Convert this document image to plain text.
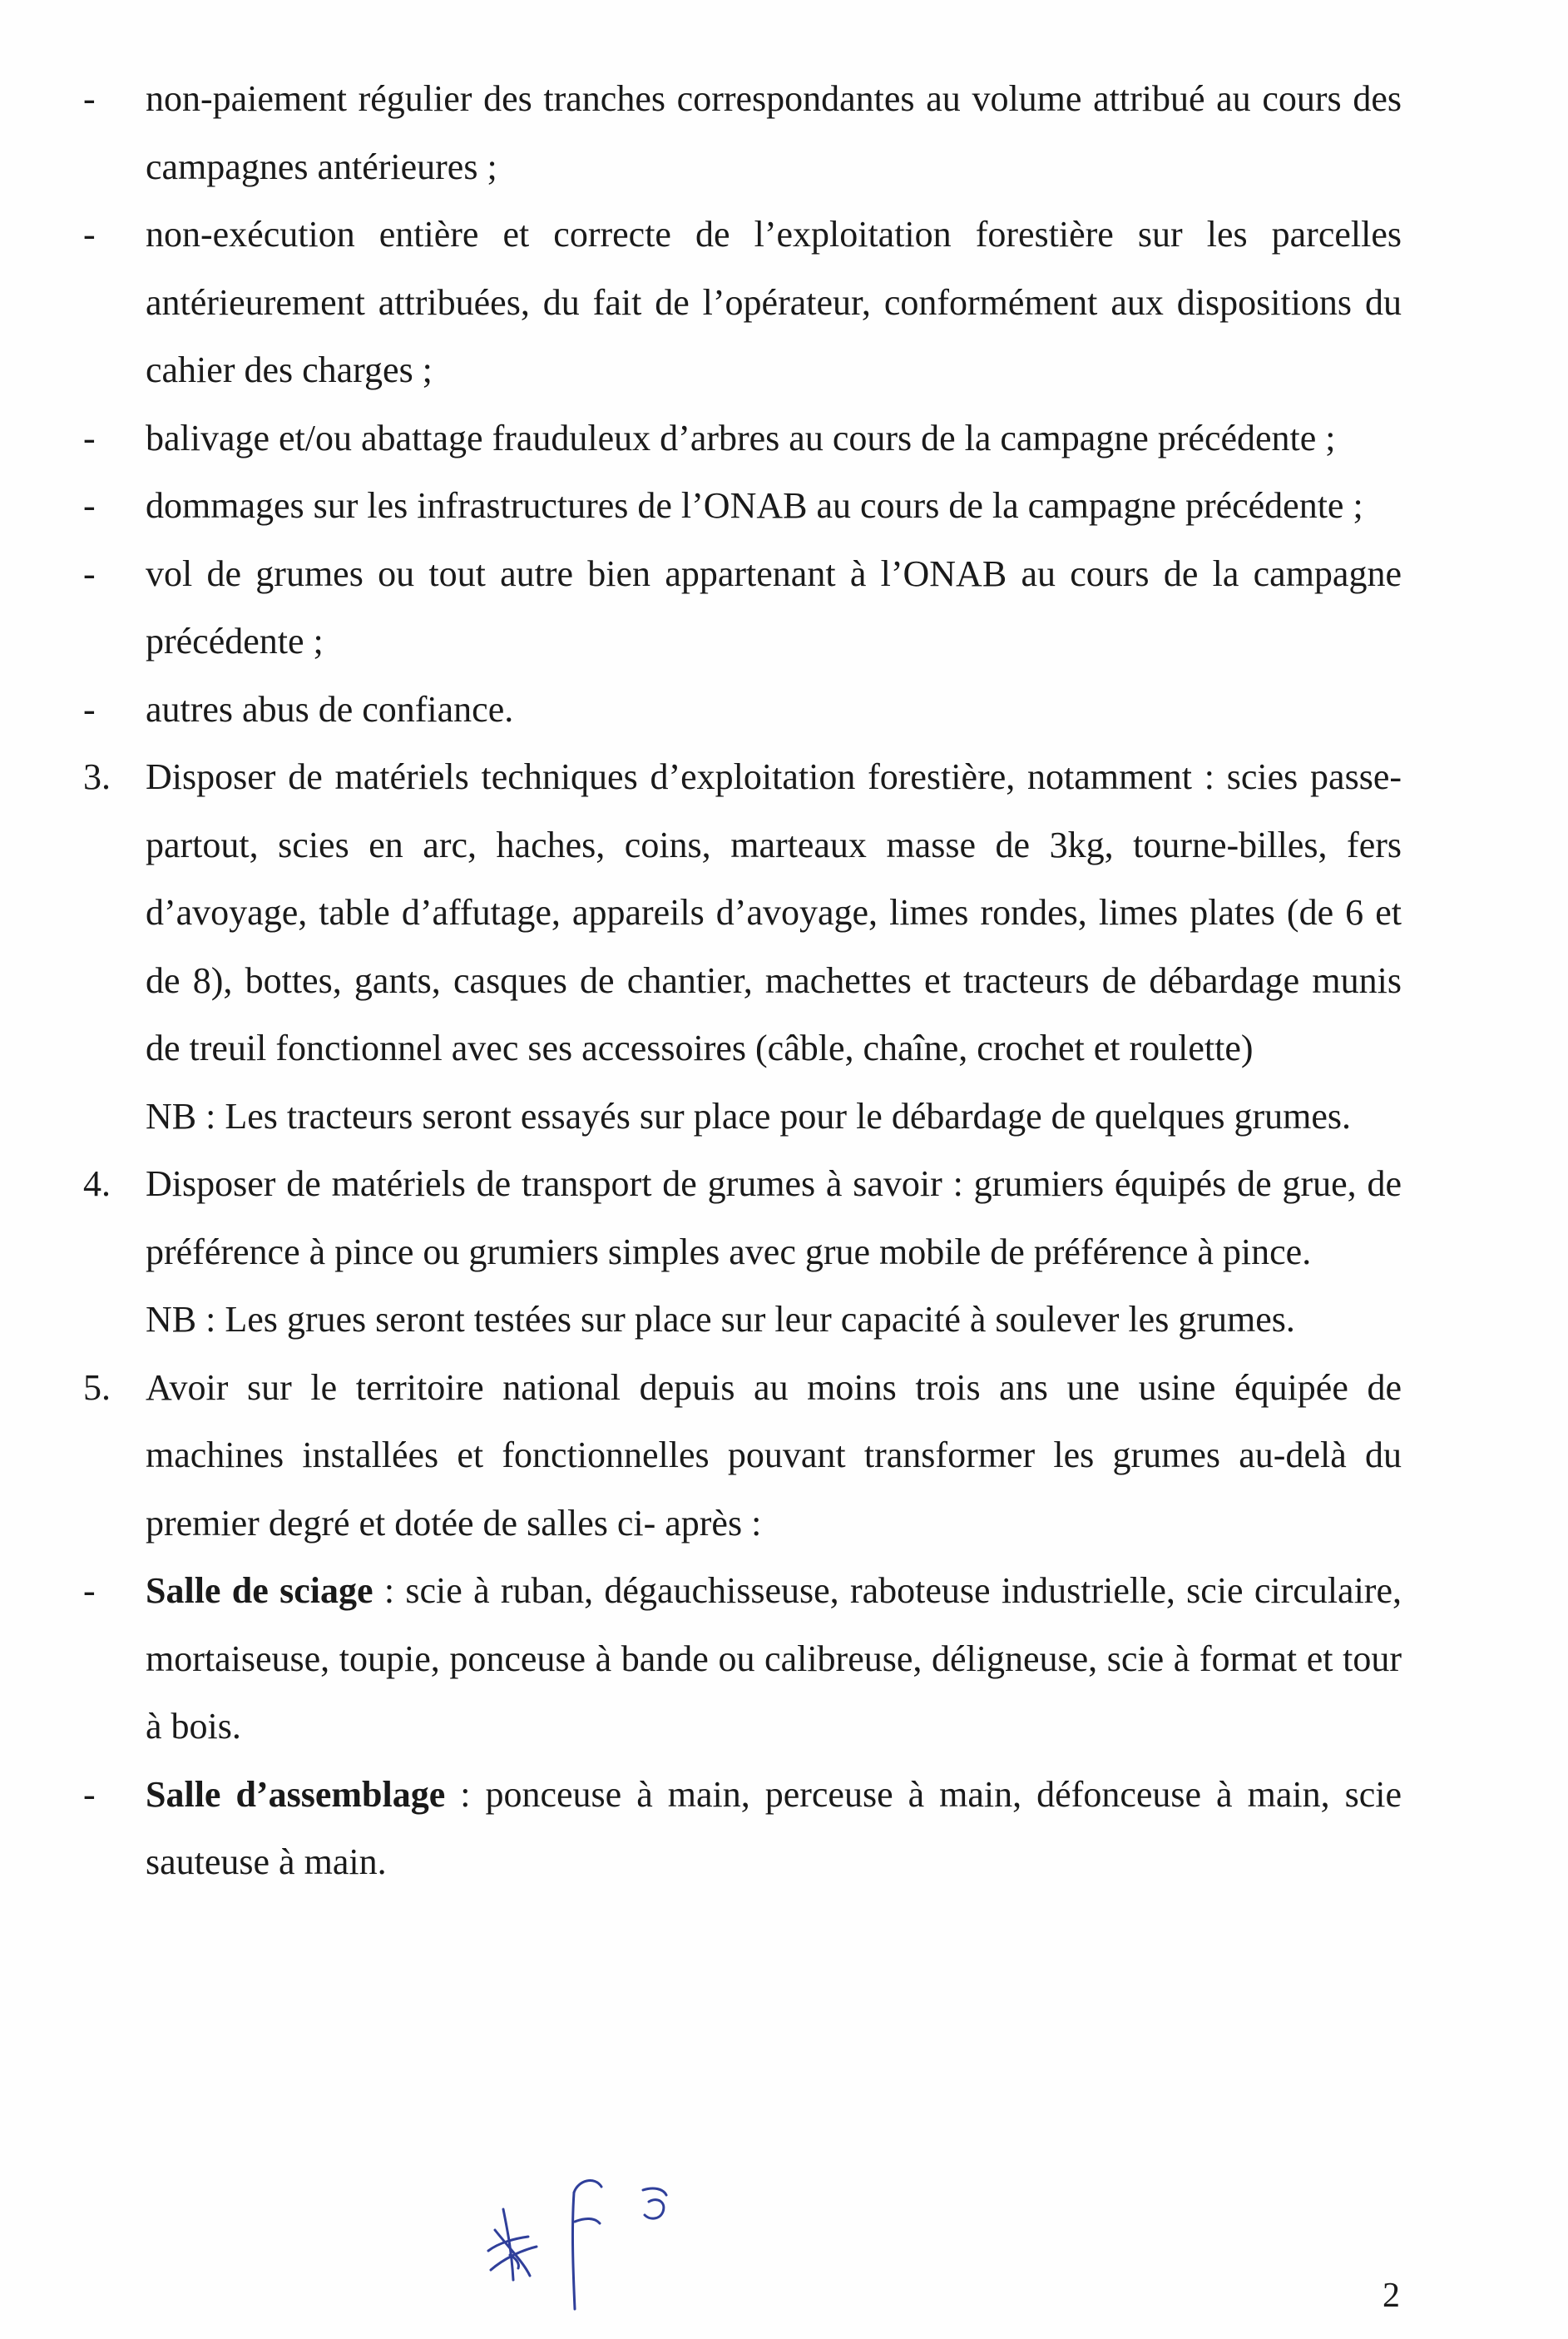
-	non-paiement régulier des tranches correspondantes au volume attribué au cours des campagnes antérieures ;
-	non-exécution entière et correcte de l’exploitation forestière sur les parcelles antérieurement attribuées, du fait de l’opérateur, conformément aux dispositions du cahier des charges ;
-	balivage et/ou abattage frauduleux d’arbres au cours de la campagne précédente ;
-	dommages sur les infrastructures de l’ONAB au cours de la campagne précédente ;
-	vol de grumes ou tout autre bien appartenant à l’ONAB au cours de la campagne précédente ;
-	autres abus de confiance.
3. Disposer de matériels techniques d’exploitation forestière, notamment : scies passe-partout, scies en arc, haches, coins, marteaux masse de 3kg, tourne-billes, fers d’avoyage, table d’affutage, appareils d’avoyage, limes rondes, limes plates (de 6 et de 8), bottes, gants, casques de chantier, machettes et tracteurs de débardage munis de treuil fonctionnel avec ses accessoires (câble, chaîne, crochet et roulette)
NB : Les tracteurs seront essayés sur place pour le débardage de quelques grumes.
4. Disposer de matériels de transport de grumes à savoir : grumiers équipés de grue, de préférence à pince ou grumiers simples avec grue mobile de préférence à pince.
NB : Les grues seront testées sur place sur leur capacité à soulever les grumes.
5. Avoir sur le territoire national depuis au moins trois ans une usine équipée de machines installées et fonctionnelles pouvant transformer les grumes au-delà du premier degré et dotée de salles ci- après :
-	Salle de sciage : scie à ruban, dégauchisseuse, raboteuse industrielle, scie circulaire, mortaiseuse, toupie, ponceuse à bande ou calibreuse, délignеuse, scie à format et tour à bois.
-	Salle d’assemblage : ponceuse à main, perceuse à main, défonceuse à main, scie sauteuse à main.
2
